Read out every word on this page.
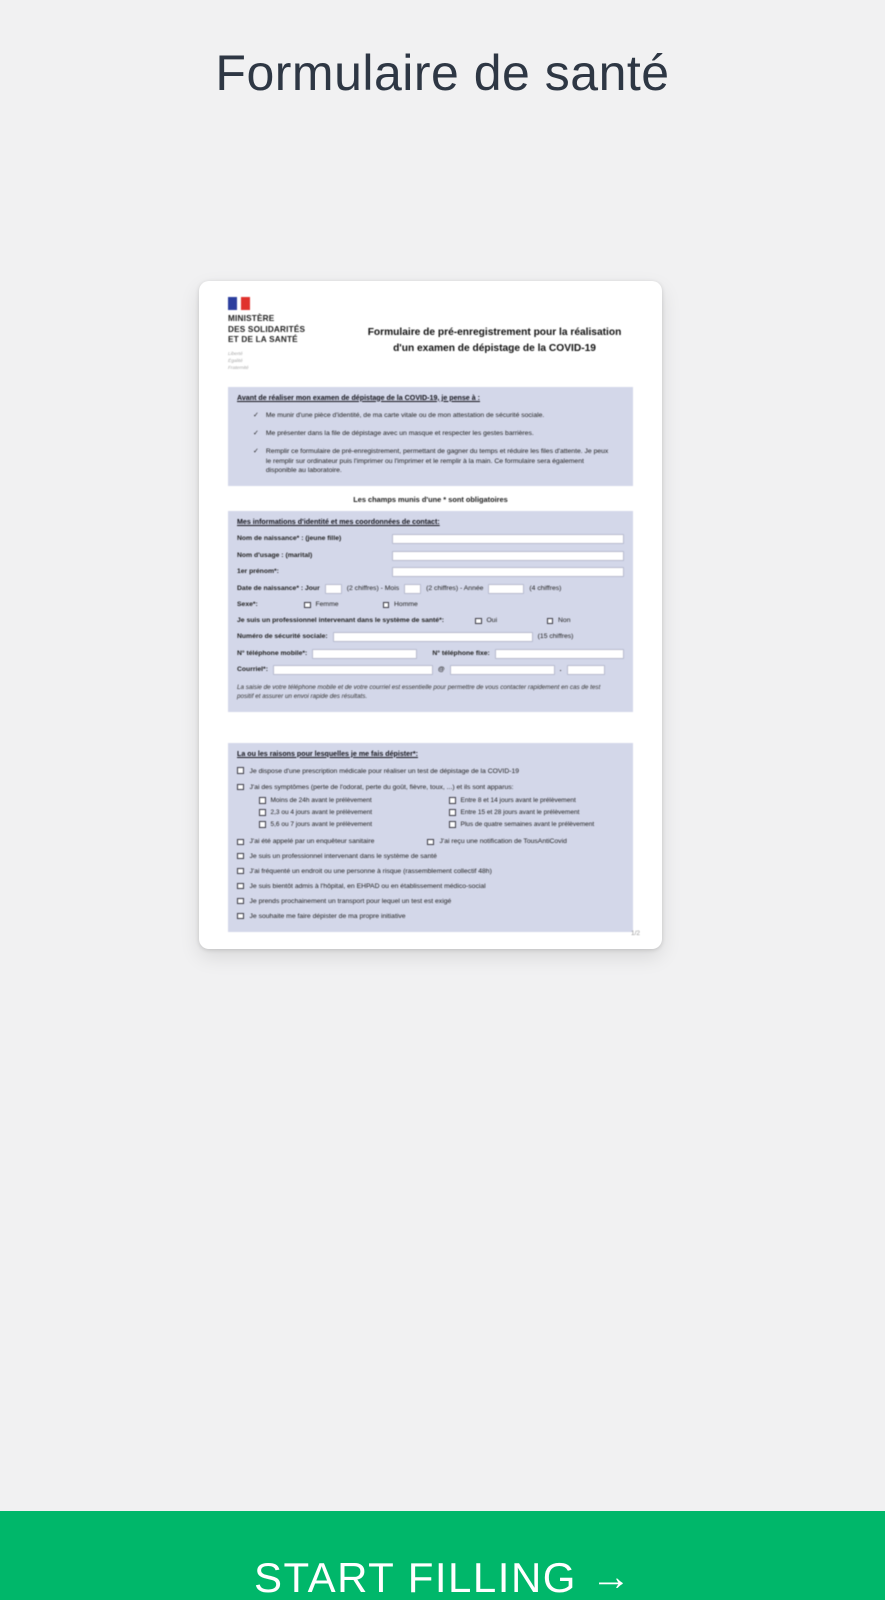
Formulaire de santé
MINISTÈRE
DES SOLIDARITÉS
ET DE LA SANTÉ
Liberté
Égalité
Fraternité
Formulaire de pré-enregistrement pour la réalisation
d'un examen de dépistage de la COVID-19
Avant de réaliser mon examen de dépistage de la COVID-19, je pense à :
✓ Me munir d'une pièce d'identité, de ma carte vitale ou de mon attestation de sécurité sociale.
✓ Me présenter dans la file de dépistage avec un masque et respecter les gestes barrières.
✓ Remplir ce formulaire de pré-enregistrement, permettant de gagner du temps et réduire les files d'attente. Je peux le remplir sur ordinateur puis l'imprimer ou l'imprimer et le remplir à la main. Ce formulaire sera également disponible au laboratoire.
Les champs munis d'une * sont obligatoires
Mes informations d'identité et mes coordonnées de contact:
Nom de naissance* : (jeune fille)
Nom d'usage : (marital)
1er prénom*:
Date de naissance* : Jour	(2 chiffres) - Mois	(2 chiffres) - Année	(4 chiffres)
Sexe*:	Femme	Homme
Je suis un professionnel intervenant dans le système de santé*:	Oui	Non
Numéro de sécurité sociale:	(15 chiffres)
N° téléphone mobile*:	N° téléphone fixe:
Courriel*:	@	.
La saisie de votre téléphone mobile et de votre courriel est essentielle pour permettre de vous contacter rapidement en cas de test positif et assurer un envoi rapide des résultats.
La ou les raisons pour lesquelles je me fais dépister*:
Je dispose d'une prescription médicale pour réaliser un test de dépistage de la COVID-19
J'ai des symptômes (perte de l'odorat, perte du goût, fièvre, toux, ...) et ils sont apparus:
Moins de 24h avant le prélèvement	Entre 8 et 14 jours avant le prélèvement
2,3 ou 4 jours avant le prélèvement	Entre 15 et 28 jours avant le prélèvement
5,6 ou 7 jours avant le prélèvement	Plus de quatre semaines avant le prélèvement
J'ai été appelé par un enquêteur sanitaire	J'ai reçu une notification de TousAntiCovid
Je suis un professionnel intervenant dans le système de santé
J'ai fréquenté un endroit ou une personne à risque (rassemblement collectif 48h)
Je suis bientôt admis à l'hôpital, en EHPAD ou en établissement médico-social
Je prends prochainement un transport pour lequel un test est exigé
Je souhaite me faire dépister de ma propre initiative
1/2
START FILLING →
